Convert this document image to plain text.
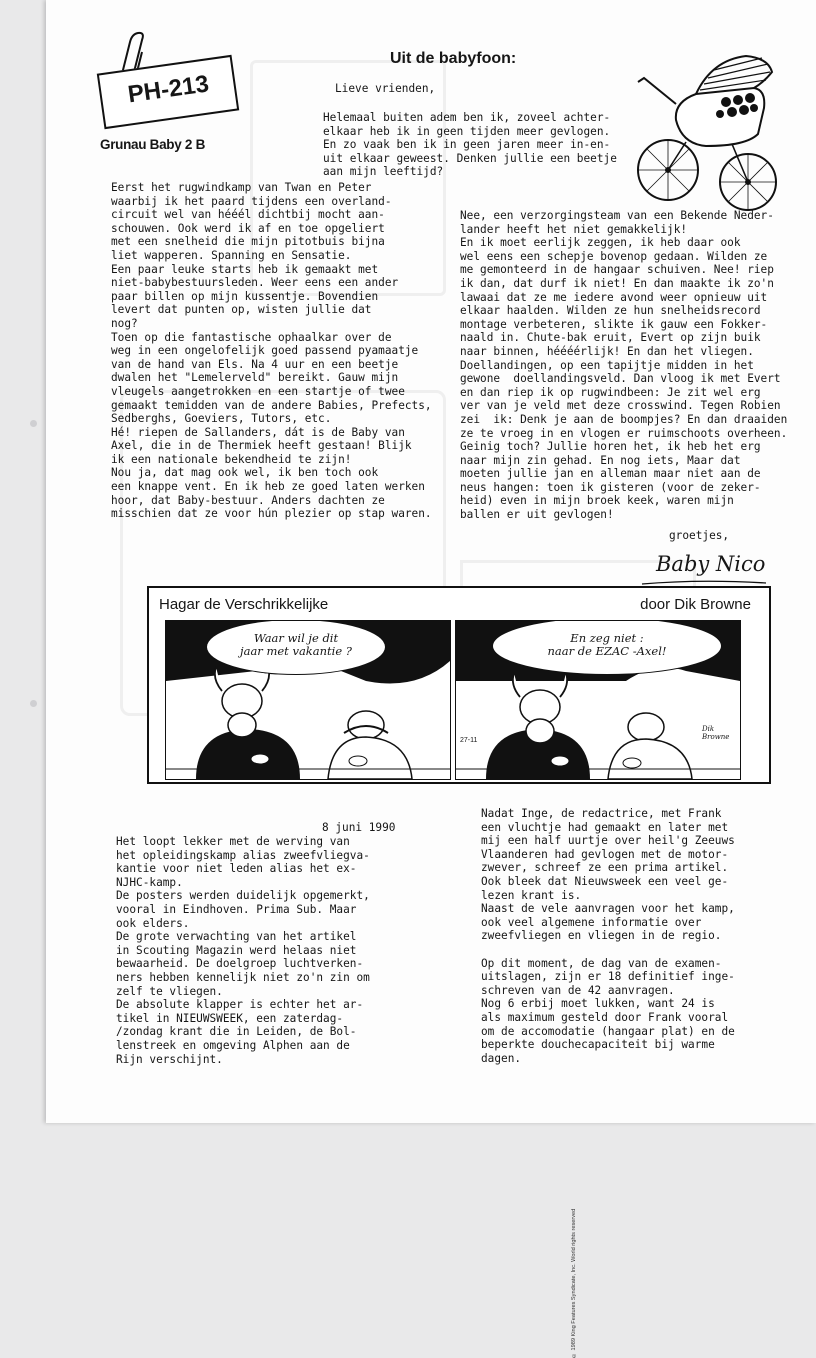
PH-213
Grunau Baby 2 B
Uit de babyfoon:
Lieve vrienden,
Helemaal buiten adem ben ik, zoveel achter-
elkaar heb ik in geen tijden meer gevlogen.
En zo vaak ben ik in geen jaren meer in-en-
uit elkaar geweest. Denken jullie een beetje
aan mijn leeftijd?
Eerst het rugwindkamp van Twan en Peter
waarbij ik het paard tijdens een overland-
circuit wel van hééél dichtbij mocht aan-
schouwen. Ook werd ik af en toe opgeliert
met een snelheid die mijn pitotbuis bijna
liet wapperen. Spanning en Sensatie.
Een paar leuke starts heb ik gemaakt met
niet-babybestuursleden. Weer eens een ander
paar billen op mijn kussentje. Bovendien
levert dat punten op, wisten jullie dat
nog?
Toen op die fantastische ophaalkar over de
weg in een ongelofelijk goed passend pyamaatje
van de hand van Els. Na 4 uur en een beetje
dwalen het "Lemelerveld" bereikt. Gauw mijn
vleugels aangetrokken en een startje of twee
gemaakt temidden van de andere Babies, Prefects,
Sedberghs, Goeviers, Tutors, etc.
Hé! riepen de Sallanders, dát is de Baby van
Axel, die in de Thermiek heeft gestaan! Blijk
ik een nationale bekendheid te zijn!
Nou ja, dat mag ook wel, ik ben toch ook
een knappe vent. En ik heb ze goed laten werken
hoor, dat Baby-bestuur. Anders dachten ze
misschien dat ze voor hún plezier op stap waren.
Nee, een verzorgingsteam van een Bekende Neder-
lander heeft het niet gemakkelijk!
En ik moet eerlijk zeggen, ik heb daar ook
wel eens een schepje bovenop gedaan. Wilden ze
me gemonteerd in de hangaar schuiven. Nee! riep
ik dan, dat durf ik niet! En dan maakte ik zo'n
lawaai dat ze me iedere avond weer opnieuw uit
elkaar haalden. Wilden ze hun snelheidsrecord
montage verbeteren, slikte ik gauw een Fokker-
naald in. Chute-bak eruit, Evert op zijn buik
naar binnen, héééérlijk! En dan het vliegen.
Doellandingen, op een tapijtje midden in het
gewone  doellandingsveld. Dan vloog ik met Evert
en dan riep ik op rugwindbeen: Je zit wel erg
ver van je veld met deze crosswind. Tegen Robien
zei  ik: Denk je aan de boompjes? En dan draaiden
ze te vroeg in en vlogen er ruimschoots overheen.
Geinig toch? Jullie horen het, ik heb het erg
naar mijn zin gehad. En nog iets, Maar dat
moeten jullie jan en alleman maar niet aan de
neus hangen: toen ik gisteren (voor de zeker-
heid) even in mijn broek keek, waren mijn
ballen er uit gevlogen!
groetjes,
Baby Nico
Hagar de Verschrikkelijke	door Dik Browne
Waar wil je dit
jaar met vakantie ?
© 1989 King Features Syndicate, Inc. World rights reserved
En zeg niet :
naar de EZAC -Axel!
27-11
Dik Browne
8 juni 1990
Het loopt lekker met de werving van
het opleidingskamp alias zweefvliegva-
kantie voor niet leden alias het ex-
NJHC-kamp.
De posters werden duidelijk opgemerkt,
vooral in Eindhoven. Prima Sub. Maar
ook elders.
De grote verwachting van het artikel
in Scouting Magazin werd helaas niet
bewaarheid. De doelgroep luchtverken-
ners hebben kennelijk niet zo'n zin om
zelf te vliegen.
De absolute klapper is echter het ar-
tikel in NIEUWSWEEK, een zaterdag-
/zondag krant die in Leiden, de Bol-
lenstreek en omgeving Alphen aan de
Rijn verschijnt.
Nadat Inge, de redactrice, met Frank
een vluchtje had gemaakt en later met
mij een half uurtje over heil'g Zeeuws
Vlaanderen had gevlogen met de motor-
zwever, schreef ze een prima artikel.
Ook bleek dat Nieuwsweek een veel ge-
lezen krant is.
Naast de vele aanvragen voor het kamp,
ook veel algemene informatie over
zweefvliegen en vliegen in de regio.

Op dit moment, de dag van de examen-
uitslagen, zijn er 18 definitief inge-
schreven van de 42 aanvragen.
Nog 6 erbij moet lukken, want 24 is
als maximum gesteld door Frank vooral
om de accomodatie (hangaar plat) en de
beperkte douchecapaciteit bij warme
dagen.
